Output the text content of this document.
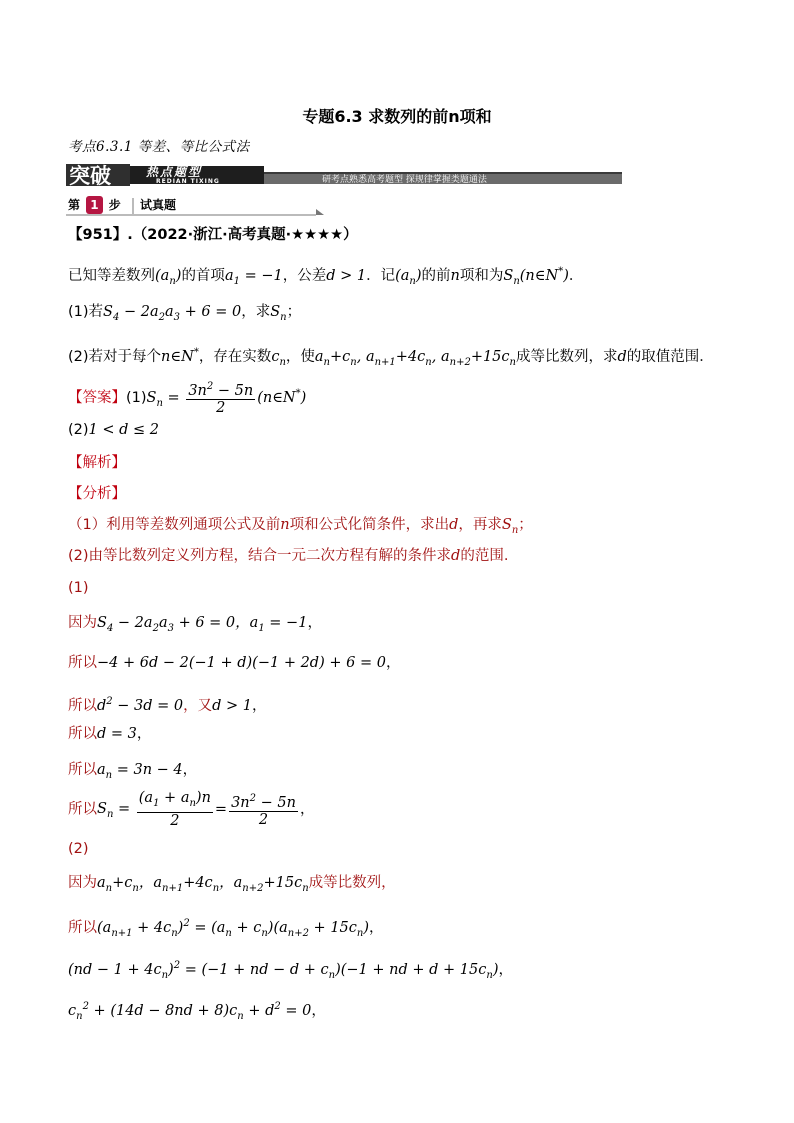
专题6.3 求数列的前n项和
考点6.3.1 等差、等比公式法
突破	热点题型
REDIAN TIXING	研考点熟悉高考题型 探规律掌握类题通法
第 1 步 试真题
【951】.（2022·浙江·高考真题·★★★★）
已知等差数列$(a_n)$的首项$a_1 = -1$，公差d > 1．记$(a_n)$的前n项和为$S_n(n\in N^*)$．
(1)若$S_4 - 2a_2a_3 + 6 = 0$，求$S_n$；
(2)若对于每个n∈N*，存在实数$c_n$，使$a_n+c_n$, $a_{n+1}+4c_n$, $a_{n+2}+15c_n$成等比数列，求d的取值范围．
【答案】$(1)S_n = \frac{3n^2 - 5n}{2}$ (n∈N*)
(2)1 < d ≤ 2
【解析】
【分析】
（1）利用等差数列通项公式及前n项和公式化简条件，求出d，再求$S_n$；
(2)由等比数列定义列方程，结合一元二次方程有解的条件求d的范围.
(1)
因为$S_4 - 2a_2a_3 + 6 = 0$，$a_1 = -1$，
所以−4 + 6d − 2(−1 + d)(−1 + 2d) + 6 = 0，
所以$d^2 - 3d = 0$，又d > 1，
所以d = 3，
所以$a_n = 3n - 4$，
所以$S_n = \frac{(a_1 + a_n)n}{2} = \frac{3n^2 - 5n}{2}$ ，
(2)
因为$a_n+c_n$，$a_{n+1}+4c_n$，$a_{n+2}+15c_n$成等比数列，
所以$(a_{n+1} + 4c_n)^2 = (a_n + c_n)(a_{n+2} + 15c_n)$，
$(nd - 1 + 4c_n)^2 = (-1$ + nd − $d + c_n)(-1$ + nd + $d + 15c_n$)，
$c_n^2 + (14d - 8nd + 8)c_n + d^2 = 0$，
